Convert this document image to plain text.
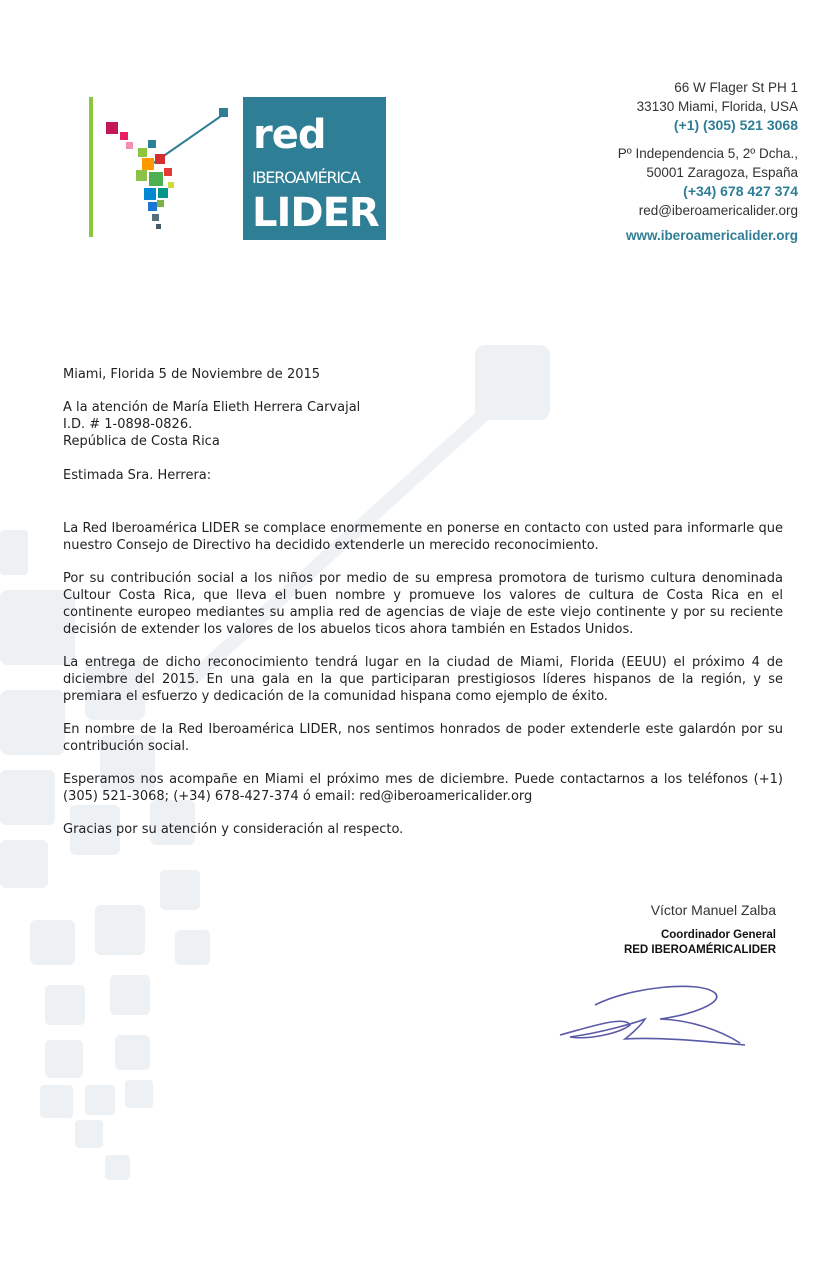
red
IBEROAMÉRICA
LIDER
66 W Flager St PH 1
33130 Miami, Florida, USA
(+1) (305) 521 3068
Pº Independencia 5, 2º Dcha.,
50001 Zaragoza, España
(+34) 678 427 374
red@iberoamericalider.org
www.iberoamericalider.org

Miami, Florida 5 de Noviembre de 2015

A la atención de María Elieth Herrera Carvajal

I.D. # 1-0898-0826.

República de Costa Rica

Estimada Sra. Herrera:

La Red Iberoamérica LIDER se complace enormemente en ponerse en contacto con usted para informarle que nuestro Consejo de Directivo ha decidido extenderle un merecido reconocimiento.

Por su contribución social a los niños por medio de su empresa promotora de turismo cultura denominada Cultour Costa Rica, que lleva el buen nombre y promueve los valores de cultura de Costa Rica en el continente europeo mediantes su amplia red de agencias de viaje de este viejo continente y por su reciente decisión de extender los valores de los abuelos ticos ahora también en Estados Unidos.

La entrega de dicho reconocimiento tendrá lugar en la ciudad de Miami, Florida (EEUU) el próximo 4 de diciembre del 2015. En una gala en la que participaran prestigiosos líderes hispanos de la región, y se premiara el esfuerzo y dedicación de la comunidad hispana como ejemplo de éxito.

En nombre de la Red Iberoamérica LIDER, nos sentimos honrados de poder extenderle este galardón por su contribución social.

Esperamos nos acompañe en Miami el próximo mes de diciembre. Puede contactarnos a los teléfonos (+1) (305) 521-3068; (+34) 678-427-374 ó email: red@iberoamericalider.org

Gracias por su atención y consideración al respecto.

Víctor Manuel Zalba
Coordinador General
RED IBEROAMÉRICALIDER
